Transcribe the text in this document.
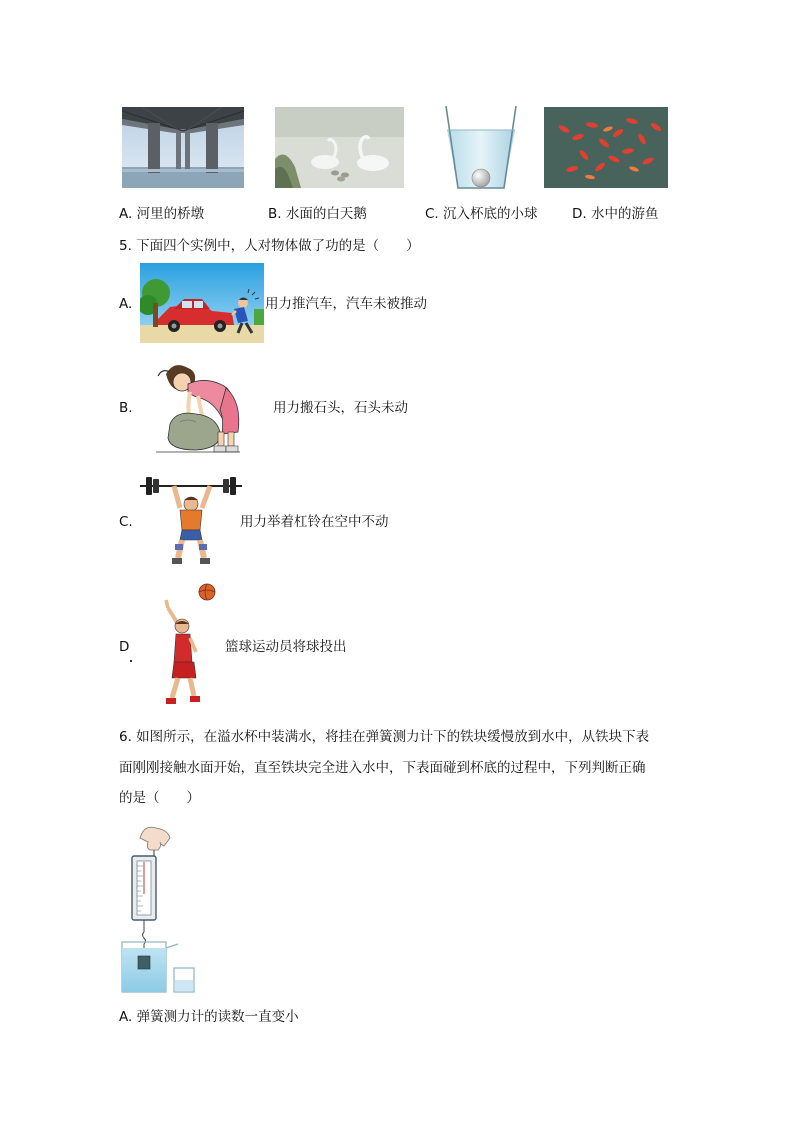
A. 河里的桥墩	B. 水面的白天鹅	C. 沉入杯底的小球	D. 水中的游鱼
5. 下面四个实例中，人对物体做了功的是（　　）
A.	用力推汽车，汽车未被推动
B.	用力搬石头，石头未动
C.	用力举着杠铃在空中不动
D	篮球运动员将球投出
6. 如图所示，在溢水杯中装满水，将挂在弹簧测力计下的铁块缓慢放到水中，从铁块下表
面刚刚接触水面开始，直至铁块完全进入水中，下表面碰到杯底的过程中，下列判断正确
的是（　　）
A. 弹簧测力计的读数一直变小
